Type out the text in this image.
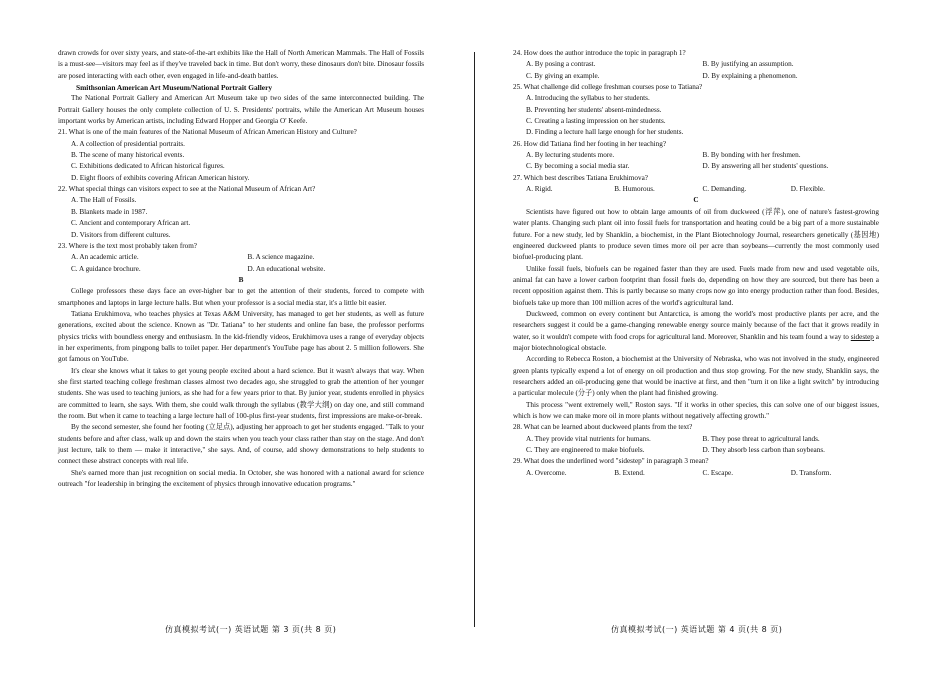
drawn crowds for over sixty years, and state-of-the-art exhibits like the Hall of North American Mammals. The Hall of Fossils is a must-see—visitors may feel as if they've traveled back in time. But don't worry, these dinosaurs don't bite. Dinosaur fossils are posed interacting with each other, even engaged in life-and-death battles.

Smithsonian American Art Museum/National Portrait Gallery

The National Portrait Gallery and American Art Museum take up two sides of the same interconnected building. The Portrait Gallery houses the only complete collection of U. S. Presidents' portraits, while the American Art Museum houses important works by American artists, including Edward Hopper and Georgia O' Keefe.

21. What is one of the main features of the National Museum of African American History and Culture?

A. A collection of presidential portraits.
B. The scene of many historical events.
C. Exhibitions dedicated to African historical figures.
D. Eight floors of exhibits covering African American history.

22. What special things can visitors expect to see at the National Museum of African Art?

A. The Hall of Fossils.
B. Blankets made in 1987.
C. Ancient and contemporary African art.
D. Visitors from different cultures.

23. Where is the text most probably taken from?

A. An academic article.	B. A science magazine.
C. A guidance brochure.	D. An educational website.

B

College professors these days face an ever-higher bar to get the attention of their students, forced to compete with smartphones and laptops in large lecture halls. But when your professor is a social media star, it's a little bit easier.

Tatiana Erukhimova, who teaches physics at Texas A&M University, has managed to get her students, as well as future generations, excited about the science. Known as "Dr. Tatiana" to her students and online fan base, the professor performs physics tricks with boundless energy and enthusiasm. In the kid-friendly videos, Erukhimova uses a range of everyday objects in her experiments, from pingpong balls to toilet paper. Her department's YouTube page has about 2. 5 million followers. She got famous on YouTube.

It's clear she knows what it takes to get young people excited about a hard science. But it wasn't always that way. When she first started teaching college freshman classes almost two decades ago, she struggled to grab the attention of her younger students. She was used to teaching juniors, as she had for a few years prior to that. By junior year, students enrolled in physics are committed to learn, she says. With them, she could walk through the syllabus (教学大纲) on day one, and still command the room. But when it came to teaching a large lecture hall of 100-plus first-year students, first impressions are make-or-break.

By the second semester, she found her footing (立足点), adjusting her approach to get her students engaged. "Talk to your students before and after class, walk up and down the stairs when you teach your class rather than stay on the stage. And don't just lecture, talk to them — make it interactive," she says. And, of course, add showy demonstrations to help students to connect these abstract concepts with real life.

She's earned more than just recognition on social media. In October, she was honored with a national award for science outreach "for leadership in bringing the excitement of physics through innovative education programs."

24. How does the author introduce the topic in paragraph 1?

A. By posing a contrast.	B. By justifying an assumption.
C. By giving an example.	D. By explaining a phenomenon.

25. What challenge did college freshman courses pose to Tatiana?

A. Introducing the syllabus to her students.
B. Preventing her students' absent-mindedness.
C. Creating a lasting impression on her students.
D. Finding a lecture hall large enough for her students.

26. How did Tatiana find her footing in her teaching?

A. By lecturing students more.	B. By bonding with her freshmen.
C. By becoming a social media star.	D. By answering all her students' questions.

27. Which best describes Tatiana Erukhimova?

A. Rigid.	B. Humorous.	C. Demanding.	D. Flexible.

C

Scientists have figured out how to obtain large amounts of oil from duckweed (浮萍), one of nature's fastest-growing water plants. Changing such plant oil into fossil fuels for transportation and heating could be a big part of a more sustainable future. For a new study, led by Shanklin, a biochemist, in the Plant Biotechnology Journal, researchers genetically (基因地) engineered duckweed plants to produce seven times more oil per acre than soybeans—currently the most commonly used biofuel-producing plant.

Unlike fossil fuels, biofuels can be regained faster than they are used. Fuels made from new and used vegetable oils, animal fat can have a lower carbon footprint than fossil fuels do, depending on how they are sourced, but there has been a recent opposition against them. This is partly because so many crops now go into energy production rather than food. Besides, biofuels take up more than 100 million acres of the world's agricultural land.

Duckweed, common on every continent but Antarctica, is among the world's most productive plants per acre, and the researchers suggest it could be a game-changing renewable energy source mainly because of the fact that it grows readily in water, so it wouldn't compete with food crops for agricultural land. Moreover, Shanklin and his team found a way to sidestep a major biotechnological obstacle.

According to Rebecca Roston, a biochemist at the University of Nebraska, who was not involved in the study, engineered green plants typically expend a lot of energy on oil production and thus stop growing. For the new study, Shanklin says, the researchers added an oil-producing gene that would be inactive at first, and then "turn it on like a light switch" by introducing a particular molecule (分子) only when the plant had finished growing.

This process "went extremely well," Roston says. "If it works in other species, this can solve one of our biggest issues, which is how we can make more oil in more plants without negatively affecting growth."

28. What can be learned about duckweed plants from the text?

A. They provide vital nutrients for humans.	B. They pose threat to agricultural lands.
C. They are engineered to make biofuels.	D. They absorb less carbon than soybeans.

29. What does the underlined word "sidestep" in paragraph 3 mean?

A. Overcome.	B. Extend.	C. Escape.	D. Transform.
仿真模拟考试(一) 英语试题 第 3 页(共 8 页)	仿真模拟考试(一) 英语试题 第 4 页(共 8 页)
